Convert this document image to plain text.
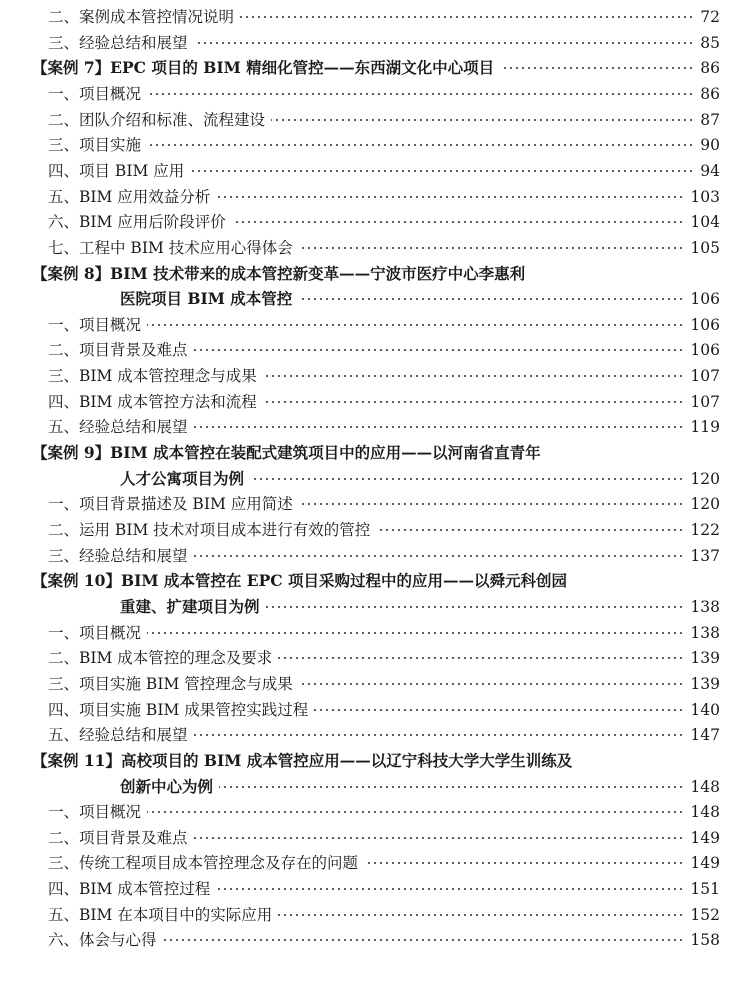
二、案例成本管控情况说明	72
三、经验总结和展望	85
【案例 7】EPC 项目的 BIM 精细化管控——东西湖文化中心项目	86
一、项目概况	86
二、团队介绍和标准、流程建设	87
三、项目实施	90
四、项目 BIM 应用	94
五、BIM 应用效益分析	103
六、BIM 应用后阶段评价	104
七、工程中 BIM 技术应用心得体会	105
【案例 8】BIM 技术带来的成本管控新变革——宁波市医疗中心李惠利
医院项目 BIM 成本管控	106
一、项目概况	106
二、项目背景及难点	106
三、BIM 成本管控理念与成果	107
四、BIM 成本管控方法和流程	107
五、经验总结和展望	119
【案例 9】BIM 成本管控在装配式建筑项目中的应用——以河南省直青年
人才公寓项目为例	120
一、项目背景描述及 BIM 应用简述	120
二、运用 BIM 技术对项目成本进行有效的管控	122
三、经验总结和展望	137
【案例 10】BIM 成本管控在 EPC 项目采购过程中的应用——以舜元科创园
重建、扩建项目为例	138
一、项目概况	138
二、BIM 成本管控的理念及要求	139
三、项目实施 BIM 管控理念与成果	139
四、项目实施 BIM 成果管控实践过程	140
五、经验总结和展望	147
【案例 11】高校项目的 BIM 成本管控应用——以辽宁科技大学大学生训练及
创新中心为例	148
一、项目概况	148
二、项目背景及难点	149
三、传统工程项目成本管控理念及存在的问题	149
四、BIM 成本管控过程	151
五、BIM 在本项目中的实际应用	152
六、体会与心得	158
